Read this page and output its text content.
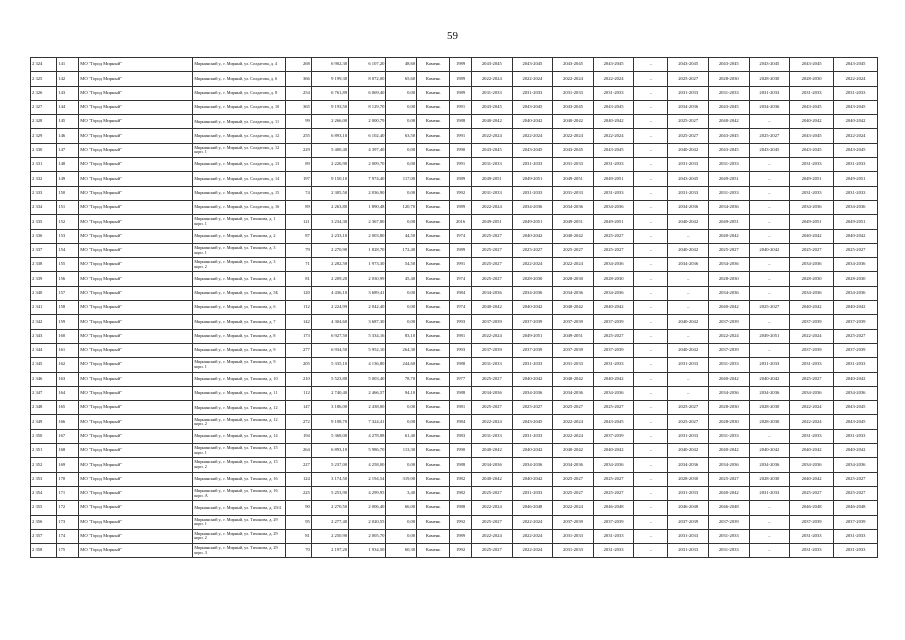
59
2 324	141	МО "Город Мирный"	Мирнинский у., г. Мирный, ул. Солдатова, д. 4	268	6 902,30	6 107,20	48,60	Камень	1989	2043-2045	2043-2045	2043-2045	2043-2045	–	2043-2045	2043-2045	2043-2045	2043-2045	2043-2045
2 325	142	МО "Город Мирный"	Мирнинский у., г. Мирный, ул. Солдатова, д. 6	366	9 199,30	8 072,00	65,60	Камень	1989	2022-2024	2022-2024	2022-2024	2022-2024	–	2025-2027	2028-2030	2028-2030	2028-2030	2022-2024
2 326	143	МО "Город Мирный"	Мирнинский у., г. Мирный, ул. Солдатова, д. 8	254	6 761,89	6 069,40	0,00	Камень	1989	2031-2033	2031-2033	2031-2033	2031-2033	–	2031-2033	2031-2033	2031-2033	2031-2033	2031-2033
2 327	144	МО "Город Мирный"	Мирнинский у., г. Мирный, ул. Солдатова, д. 10	365	9 193,50	8 129,70	0,00	Камень	1991	2043-2045	2043-2045	2043-2045	2043-2045	–	2034-2036	2043-2045	2034-2036	2043-2045	2043-2045
2 328	145	МО "Город Мирный"	Мирнинский у., г. Мирный, ул. Солдатова, д. 11	99	2 266,00	2 000,79	0,00	Камень	1988	2040-2042	2040-2042	2040-2042	2040-2042	–	2025-2027	2040-2042	–	2040-2042	2040-2042
2 329	146	МО "Город Мирный"	Мирнинский у., г. Мирный, ул. Солдатова, д. 12	255	6 893,10	6 102,40	63,50	Камень	1991	2022-2024	2022-2024	2022-2024	2022-2024	–	2025-2027	2043-2045	2025-2027	2043-2045	2022-2024
2 330	147	МО "Город Мирный"	Мирнинский у., г. Мирный, ул. Солдатова, д. 12 корп. 1	229	5 400,40	4 397,40	0,00	Камень	1990	2043-2045	2043-2045	2043-2045	2043-2045	–	2040-2042	2043-2045	2043-2045	2043-2045	2043-2045
2 331	148	МО "Город Мирный"	Мирнинский у., г. Мирный, ул. Солдатова, д. 13	89	2 226,90	2 009,70	0,00	Камень	1991	2031-2033	2031-2033	2031-2033	2031-2033	–	2031-2033	2031-2033	–	2031-2033	2031-2033
2 332	149	МО "Город Мирный"	Мирнинский у., г. Мирный, ул. Солдатова, д. 14	197	9 150,10	7 974,40	117,00	Камень	1989	2049-2051	2049-2051	2049-2051	2049-2051	–	2043-2045	2049-2051	–	2049-2051	2049-2051
2 333	150	МО "Город Мирный"	Мирнинский у., г. Мирный, ул. Солдатова, д. 15	74	2 305,50	2 036,90	0,00	Камень	1992	2031-2033	2031-2033	2031-2033	2031-2033	–	2031-2033	2031-2033	–	2031-2033	2031-2033
2 334	151	МО "Город Мирный"	Мирнинский у., г. Мирный, ул. Солдатова, д. 16	89	2 263,80	1 890,48	120,70	Камень	1989	2022-2024	2034-2036	2034-2036	2034-2036	–	2034-2036	2034-2036	–	2034-2036	2034-2036
2 335	152	МО "Город Мирный"	Мирнинский у., г. Мирный, ул. Тихонова, д. 1 корп. 1	121	3 234,30	2 367,80	0,00	Камень	2016	2049-2051	2049-2051	2049-2051	2049-2051	–	2040-2042	2049-2051	–	2049-2051	2049-2051
2 336	153	МО "Город Мирный"	Мирнинский у., г. Мирный, ул. Тихонова, д. 2	87	2 233,10	2 003,80	44,50	Камень	1974	2025-2027	2040-2042	2040-2042	2025-2027	–	–	2040-2042	–	2040-2042	2040-2042
2 337	154	МО "Город Мирный"	Мирнинский у., г. Мирный, ул. Тихонова, д. 3 корп. 1	79	2 270,90	1 828,70	172,40	Камень	1989	2025-2027	2025-2027	2025-2027	2025-2027	–	2040-2042	2025-2027	2040-2042	2025-2027	2025-2027
2 338	155	МО "Город Мирный"	Мирнинский у., г. Мирный, ул. Тихонова, д. 3 корп. 2	71	2 282,58	1 973,30	54,50	Камень	1991	2025-2027	2022-2024	2022-2024	2034-2036	–	2034-2036	2034-2036	–	2034-2036	2034-2036
2 339	156	МО "Город Мирный"	Мирнинский у., г. Мирный, ул. Тихонова, д. 4	81	2 209,20	2 030,99	45,40	Камень	1974	2025-2027	2028-2030	2028-2030	2028-2030	–	–	2028-2030	–	2028-2030	2028-2030
2 340	157	МО "Город Мирный"	Мирнинский у., г. Мирный, ул. Тихонова, д. 5Б	120	4 436,10	3 689,41	0,00	Камень	1984	2034-2036	2034-2036	2034-2036	2034-2036	–	–	2034-2036	–	2034-2036	2034-2036
2 341	158	МО "Город Мирный"	Мирнинский у., г. Мирный, ул. Тихонова, д. 6	112	2 224,99	2 042,40	0,00	Камень	1974	2040-2042	2040-2042	2040-2042	2040-2042	–	–	2040-2042	2025-2027	2040-2042	2040-2042
2 342	159	МО "Город Мирный"	Мирнинский у., г. Мирный, ул. Тихонова, д. 7	142	4 304,60	3 687,30	0,00	Камень	1993	2037-2039	2037-2039	2037-2039	2037-2039	–	2040-2042	2037-2039	–	2037-2039	2037-2039
2 343	160	МО "Город Мирный"	Мирнинский у., г. Мирный, ул. Тихонова, д. 8	173	6 927,50	5 334,16	83,10	Камень	1981	2022-2024	2049-2051	2049-2051	2025-2027	–	–	2022-2024	2049-2051	2022-2024	2025-2027
2 344	161	МО "Город Мирный"	Мирнинский у., г. Мирный, ул. Тихонова, д. 9	277	6 934,50	5 952,10	264,30	Камень	1993	2037-2039	2037-2039	2037-2039	2037-2039	–	2040-2042	2037-2039	–	2037-2039	2037-2039
2 345	162	МО "Город Мирный"	Мирнинский у., г. Мирный, ул. Тихонова, д. 9 корп. 1	205	5 335,10	4 136,80	244,60	Камень	1988	2031-2033	2031-2033	2031-2033	2031-2033	–	2031-2033	2031-2033	2031-2033	2031-2033	2031-2033
2 346	163	МО "Город Мирный"	Мирнинский у., г. Мирный, ул. Тихонова, д. 10	210	5 523,80	5 003,40	78,70	Камень	1977	2025-2027	2040-2042	2040-2042	2040-2042	–	–	2040-2042	2040-2042	2025-2027	2040-2042
2 347	164	МО "Город Мирный"	Мирнинский у., г. Мирный, ул. Тихонова, д. 11	112	2 740,40	2 466,57	94,10	Камень	1988	2034-2036	2034-2036	2034-2036	2034-2036	–	–	2034-2036	2034-2036	2034-2036	2034-2036
2 348	165	МО "Город Мирный"	Мирнинский у., г. Мирный, ул. Тихонова, д. 12	147	3 186,00	2 438,00	0,00	Камень	1981	2025-2027	2025-2027	2025-2027	2025-2027	–	2025-2027	2028-2030	2028-2030	2022-2024	2043-2045
2 349	166	МО "Город Мирный"	Мирнинский у., г. Мирный, ул. Тихонова, д. 12 корп. 2	272	9 108,70	7 324,41	0,00	Камень	1984	2022-2024	2043-2045	2022-2024	2043-2045	–	2025-2027	2028-2030	2028-2030	2022-2024	2043-2045
2 350	167	МО "Город Мирный"	Мирнинский у., г. Мирный, ул. Тихонова, д. 14	194	5 368,00	4 278,88	61,40	Камень	1983	2031-2033	2031-2033	2022-2024	2037-2039	–	2031-2033	2031-2033	–	2031-2033	2031-2033
2 351	168	МО "Город Мирный"	Мирнинский у., г. Мирный, ул. Тихонова, д. 15 корп. 1	264	6 893,10	5 986,70	113,30	Камень	1990	2040-2042	2040-2042	2040-2042	2040-2042	–	2040-2042	2040-2042	2040-2042	2040-2042	2040-2042
2 352	169	МО "Город Мирный"	Мирнинский у., г. Мирный, ул. Тихонова, д. 15 корп. 2	227	5 237,00	4 258,00	0,00	Камень	1988	2034-2036	2034-2036	2034-2036	2034-2036	–	2034-2036	2034-2036	2034-2036	2034-2036	2034-2036
2 353	170	МО "Город Мирный"	Мирнинский у., г. Мирный, ул. Тихонова, д. 16	124	3 174,50	2 194,54	319,00	Камень	1982	2040-2042	2040-2042	2025-2027	2025-2027	–	2028-2030	2025-2027	2028-2030	2040-2042	2025-2027
2 354	171	МО "Город Мирный"	Мирнинский у., г. Мирный, ул. Тихонова, д. 16 корп. А	225	5 253,90	4 299,95	3,40	Камень	1982	2025-2027	2031-2033	2025-2027	2025-2027	–	2031-2033	2040-2042	2031-2033	2025-2027	2025-2027
2 355	172	МО "Город Мирный"	Мирнинский у., г. Мирный, ул. Тихонова, д. 29/4	90	2 270,50	2 006,40	66,00	Камень	1988	2022-2024	2046-2048	2022-2024	2046-2048	–	2046-2048	2046-2048	–	2046-2048	2046-2048
2 356	173	МО "Город Мирный"	Мирнинский у., г. Мирный, ул. Тихонова, д. 29 корп. 1	95	2 277,40	2 020,55	0,00	Камень	1992	2025-2027	2022-2024	2037-2039	2037-2039	–	2037-2039	2037-2039	–	2037-2039	2037-2039
2 357	174	МО "Город Мирный"	Мирнинский у., г. Мирный, ул. Тихонова, д. 29 корп. 2	81	2 250,90	2 005,70	0,00	Камень	1989	2022-2024	2022-2024	2031-2033	2031-2033	–	2031-2033	2031-2033	–	2031-2033	2031-2033
2 358	175	МО "Город Мирный"	Мирнинский у., г. Мирный, ул. Тихонова, д. 29 корп. 3	70	2 197,20	1 934,50	60,30	Камень	1992	2025-2027	2022-2024	2031-2033	2031-2033	–	2031-2033	2031-2033	–	2031-2033	2031-2033
